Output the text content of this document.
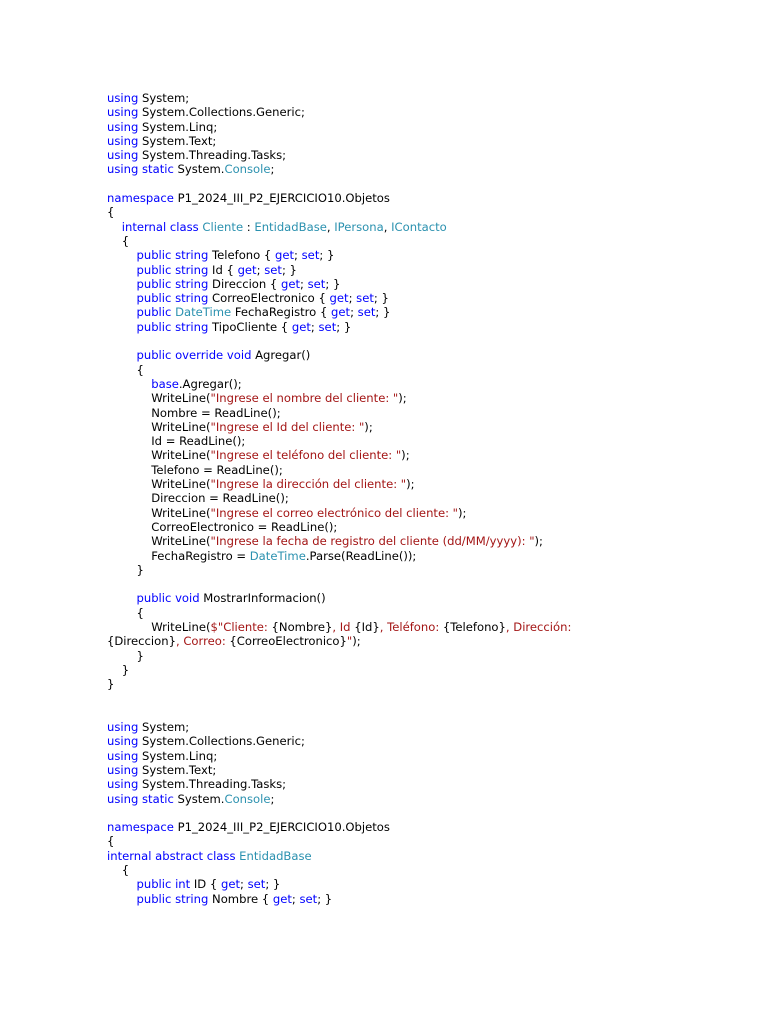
using System;
using System.Collections.Generic;
using System.Linq;
using System.Text;
using System.Threading.Tasks;
using static System.Console;
namespace P1_2024_III_P2_EJERCICIO10.Objetos
{
internal class Cliente : EntidadBase, IPersona, IContacto
{
public string Telefono { get; set; }
public string Id { get; set; }
public string Direccion { get; set; }
public string CorreoElectronico { get; set; }
public DateTime FechaRegistro { get; set; }
public string TipoCliente { get; set; }
public override void Agregar()
{
base.Agregar();
WriteLine("Ingrese el nombre del cliente: ");
Nombre = ReadLine();
WriteLine("Ingrese el Id del cliente: ");
Id = ReadLine();
WriteLine("Ingrese el teléfono del cliente: ");
Telefono = ReadLine();
WriteLine("Ingrese la dirección del cliente: ");
Direccion = ReadLine();
WriteLine("Ingrese el correo electrónico del cliente: ");
CorreoElectronico = ReadLine();
WriteLine("Ingrese la fecha de registro del cliente (dd/MM/yyyy): ");
FechaRegistro = DateTime.Parse(ReadLine());
}
public void MostrarInformacion()
{
WriteLine($"Cliente: {Nombre}, Id {Id}, Teléfono: {Telefono}, Dirección:
{Direccion}, Correo: {CorreoElectronico}");
}
}
}
using System;
using System.Collections.Generic;
using System.Linq;
using System.Text;
using System.Threading.Tasks;
using static System.Console;
namespace P1_2024_III_P2_EJERCICIO10.Objetos
{
internal abstract class EntidadBase
{
public int ID { get; set; }
public string Nombre { get; set; }
